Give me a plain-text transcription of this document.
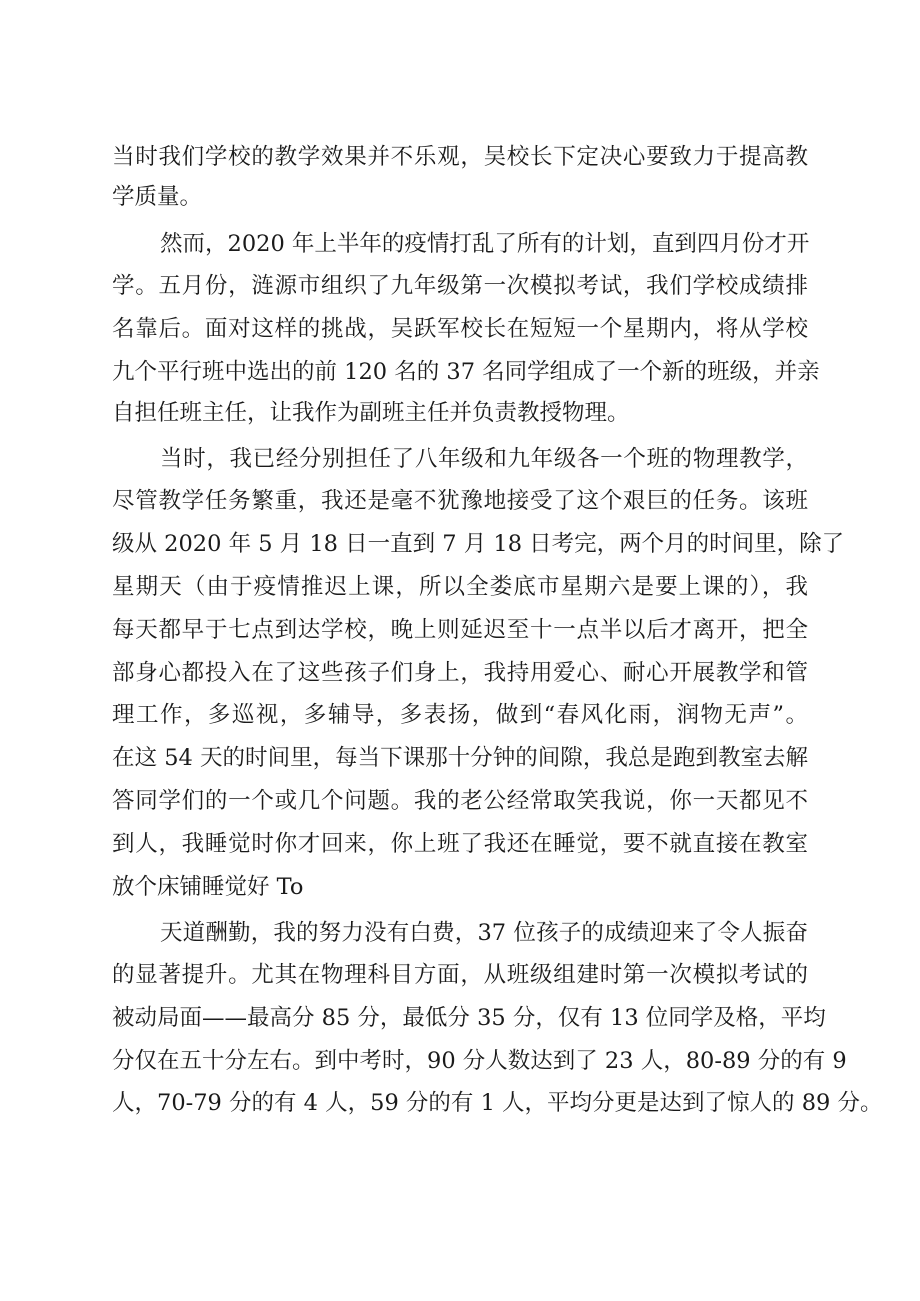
当时我们学校的教学效果并不乐观，吴校长下定决心要致力于提高教
学质量。
然而，2020 年上半年的疫情打乱了所有的计划，直到四月份才开
学。五月份，涟源市组织了九年级第一次模拟考试，我们学校成绩排
名靠后。面对这样的挑战，吴跃军校长在短短一个星期内，将从学校
九个平行班中选出的前 120 名的 37 名同学组成了一个新的班级，并亲
自担任班主任，让我作为副班主任并负责教授物理。
当时，我已经分别担任了八年级和九年级各一个班的物理教学，
尽管教学任务繁重，我还是毫不犹豫地接受了这个艰巨的任务。该班
级从 2020 年 5 月 18 日一直到 7 月 18 日考完，两个月的时间里，除了
星期天（由于疫情推迟上课，所以全娄底市星期六是要上课的），我
每天都早于七点到达学校，晚上则延迟至十一点半以后才离开，把全
部身心都投入在了这些孩子们身上，我持用爱心、耐心开展教学和管
理工作，多巡视，多辅导，多表扬，做到“春风化雨，润物无声”。
在这 54 天的时间里，每当下课那十分钟的间隙，我总是跑到教室去解
答同学们的一个或几个问题。我的老公经常取笑我说，你一天都见不
到人，我睡觉时你才回来，你上班了我还在睡觉，要不就直接在教室
放个床铺睡觉好 To
天道酬勤，我的努力没有白费，37 位孩子的成绩迎来了令人振奋
的显著提升。尤其在物理科目方面，从班级组建时第一次模拟考试的
被动局面——最高分 85 分，最低分 35 分，仅有 13 位同学及格，平均
分仅在五十分左右。到中考时，90 分人数达到了 23 人，80-89 分的有 9
人，70-79 分的有 4 人，59 分的有 1 人，平均分更是达到了惊人的 89 分。
